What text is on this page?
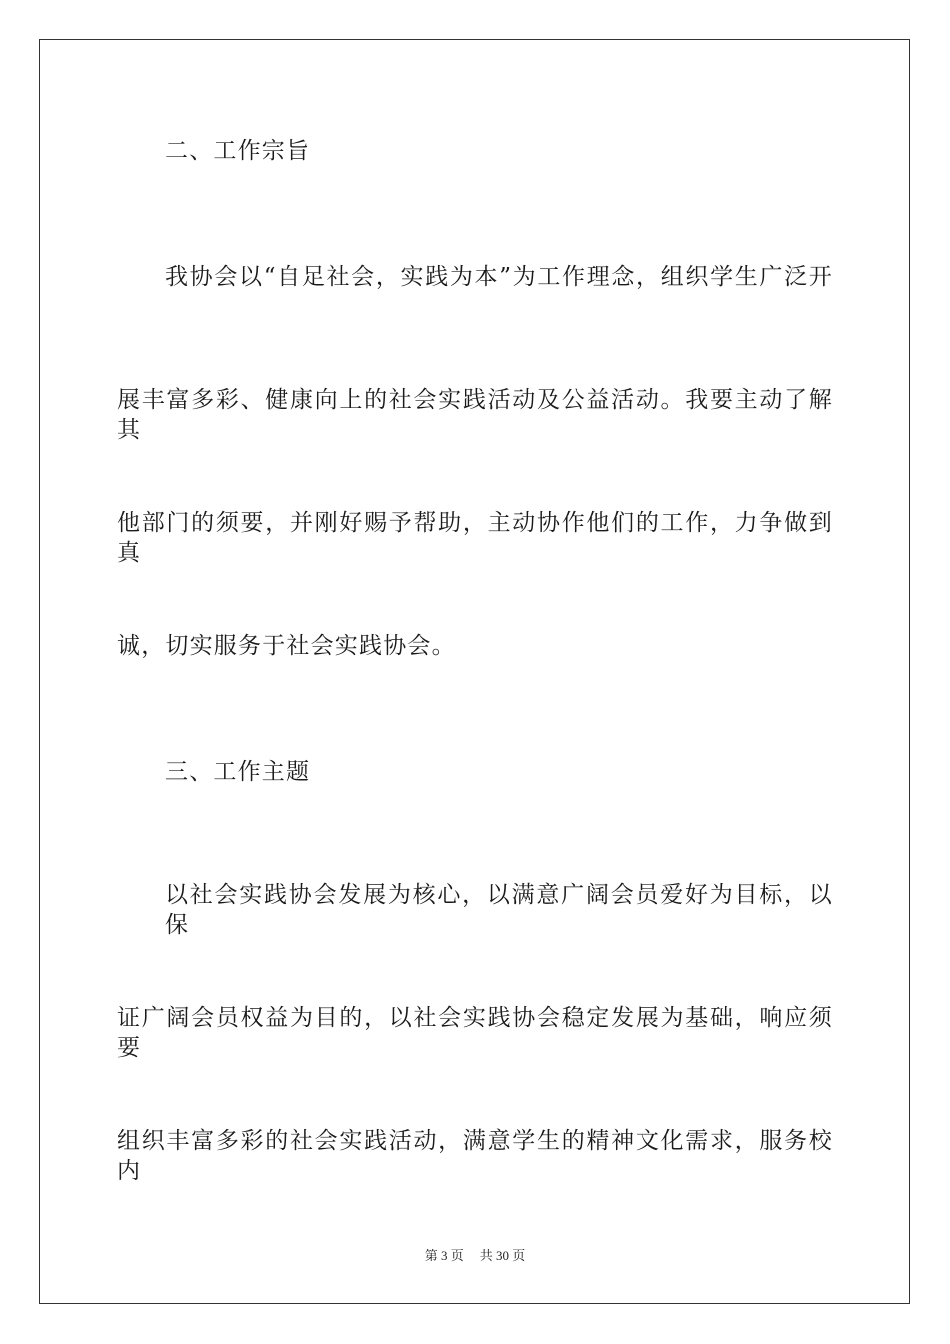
二、工作宗旨
我协会以“自足社会，实践为本”为工作理念，组织学生广泛开
展丰富多彩、健康向上的社会实践活动及公益活动。我要主动了解其
他部门的须要，并刚好赐予帮助，主动协作他们的工作，力争做到真
诚，切实服务于社会实践协会。
三、工作主题
以社会实践协会发展为核心，以满意广阔会员爱好为目标，以保
证广阔会员权益为目的，以社会实践协会稳定发展为基础，响应须要
组织丰富多彩的社会实践活动，满意学生的精神文化需求，服务校内
第 3 页 共 30 页
